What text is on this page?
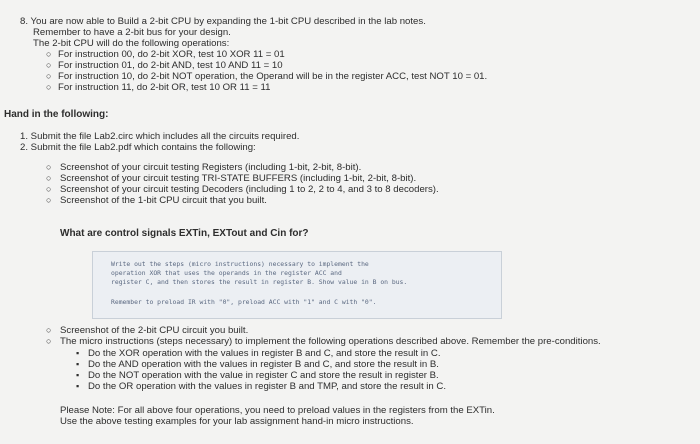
8. You are now able to Build a 2-bit CPU by expanding the 1-bit CPU described in the lab notes.
Remember to have a 2-bit bus for your design.
The 2-bit CPU will do the following operations:
○ For instruction 00, do 2-bit XOR, test 10 XOR 11 = 01
○ For instruction 01, do 2-bit AND, test 10 AND 11 = 10
○ For instruction 10, do 2-bit NOT operation, the Operand will be in the register ACC, test NOT 10 = 01.
○ For instruction 11, do 2-bit OR, test 10 OR 11 = 11
Hand in the following:
1. Submit the file Lab2.circ which includes all the circuits required.
2. Submit the file Lab2.pdf which contains the following:
○ Screenshot of your circuit testing Registers (including 1-bit, 2-bit, 8-bit).
○ Screenshot of your circuit testing TRI-STATE BUFFERS (including 1-bit, 2-bit, 8-bit).
○ Screenshot of your circuit testing Decoders (including 1 to 2, 2 to 4, and 3 to 8 decoders).
○ Screenshot of the 1-bit CPU circuit that you built.
What are control signals EXTin, EXTout and Cin for?
Write out the steps (micro instructions) necessary to implement the
operation XOR that uses the operands in the register ACC and
register C, and then stores the result in register B. Show value in B on bus.
Remember to preload IR with "0", preload ACC with "1" and C with "0".
○ Screenshot of the 2-bit CPU circuit you built.
○ The micro instructions (steps necessary) to implement the following operations described above. Remember the pre-conditions.
▪ Do the XOR operation with the values in register B and C, and store the result in C.
▪ Do the AND operation with the values in register B and C, and store the result in B.
▪ Do the NOT operation with the value in register C and store the result in register B.
▪ Do the OR operation with the values in register B and TMP, and store the result in C.
Please Note: For all above four operations, you need to preload values in the registers from the EXTin.
Use the above testing examples for your lab assignment hand-in micro instructions.
